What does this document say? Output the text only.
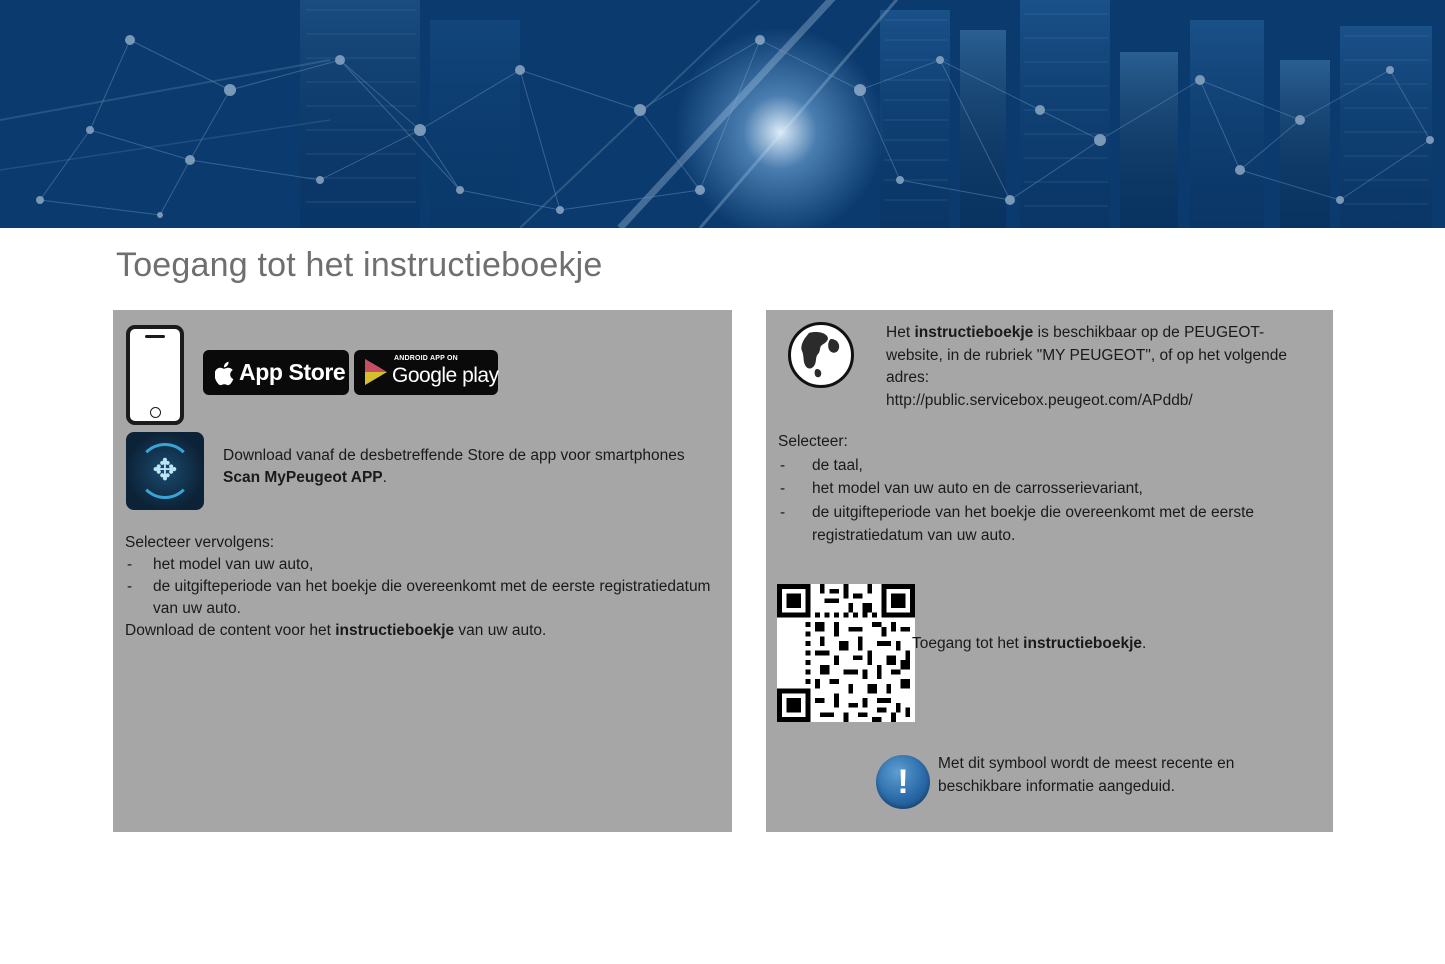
Toegang tot het instructieboekje
App Store
ANDROID APP ON
Google play
✥	Download vanaf de desbetreffende Store de app voor smartphones Scan MyPeugeot APP.
Selecteer vervolgens:
-	het model van uw auto,
-	de uitgifteperiode van het boekje die overeenkomt met de eerste registratiedatum van uw auto.
Download de content voor het instructieboekje van uw auto.
Het instructieboekje is beschikbaar op de PEUGEOT-website, in de rubriek "MY PEUGEOT", of op het volgende adres:
http://public.servicebox.peugeot.com/APddb/
Selecteer:
-	de taal,
-	het model van uw auto en de carrosserievariant,
-	de uitgifteperiode van het boekje die overeenkomt met de eerste registratiedatum van uw auto.
Toegang tot het instructieboekje.
! Met dit symbool wordt de meest recente en beschikbare informatie aangeduid.
